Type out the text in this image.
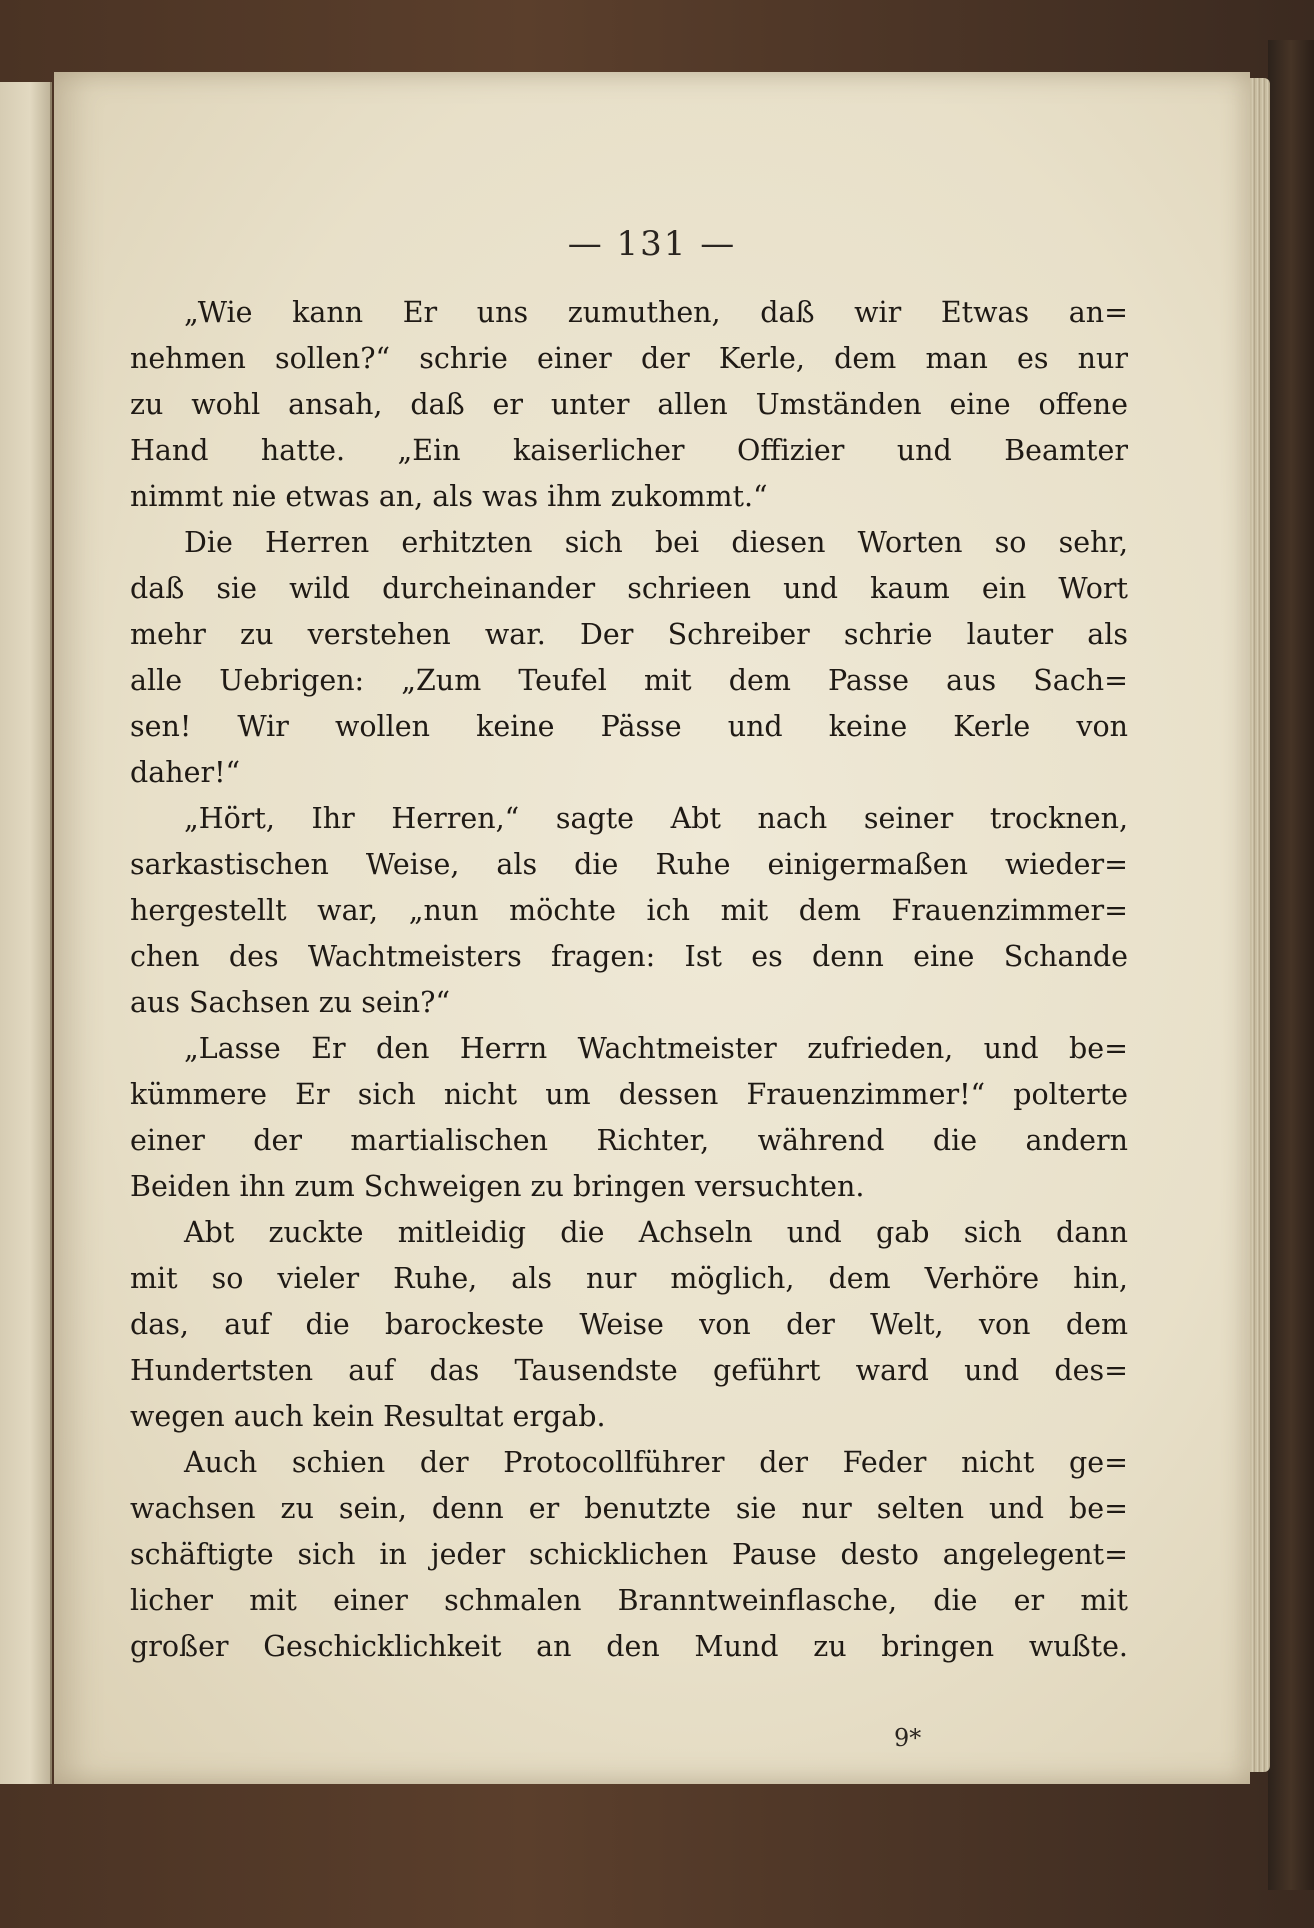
— 131 —
„Wie kann Er uns zumuthen, daß wir Etwas an=
nehmen sollen?“ schrie einer der Kerle, dem man es nur
zu wohl ansah, daß er unter allen Umständen eine offene
Hand hatte. „Ein kaiserlicher Offizier und Beamter
nimmt nie etwas an, als was ihm zukommt.“
Die Herren erhitzten sich bei diesen Worten so sehr,
daß sie wild durcheinander schrieen und kaum ein Wort
mehr zu verstehen war. Der Schreiber schrie lauter als
alle Uebrigen: „Zum Teufel mit dem Passe aus Sach=
sen! Wir wollen keine Pässe und keine Kerle von
daher!“
„Hört, Ihr Herren,“ sagte Abt nach seiner trocknen,
sarkastischen Weise, als die Ruhe einigermaßen wieder=
hergestellt war, „nun möchte ich mit dem Frauenzimmer=
chen des Wachtmeisters fragen: Ist es denn eine Schande
aus Sachsen zu sein?“
„Lasse Er den Herrn Wachtmeister zufrieden, und be=
kümmere Er sich nicht um dessen Frauenzimmer!“ polterte
einer der martialischen Richter, während die andern
Beiden ihn zum Schweigen zu bringen versuchten.
Abt zuckte mitleidig die Achseln und gab sich dann
mit so vieler Ruhe, als nur möglich, dem Verhöre hin,
das, auf die barockeste Weise von der Welt, von dem
Hundertsten auf das Tausendste geführt ward und des=
wegen auch kein Resultat ergab.
Auch schien der Protocollführer der Feder nicht ge=
wachsen zu sein, denn er benutzte sie nur selten und be=
schäftigte sich in jeder schicklichen Pause desto angelegent=
licher mit einer schmalen Branntweinflasche, die er mit
großer Geschicklichkeit an den Mund zu bringen wußte.
9*
